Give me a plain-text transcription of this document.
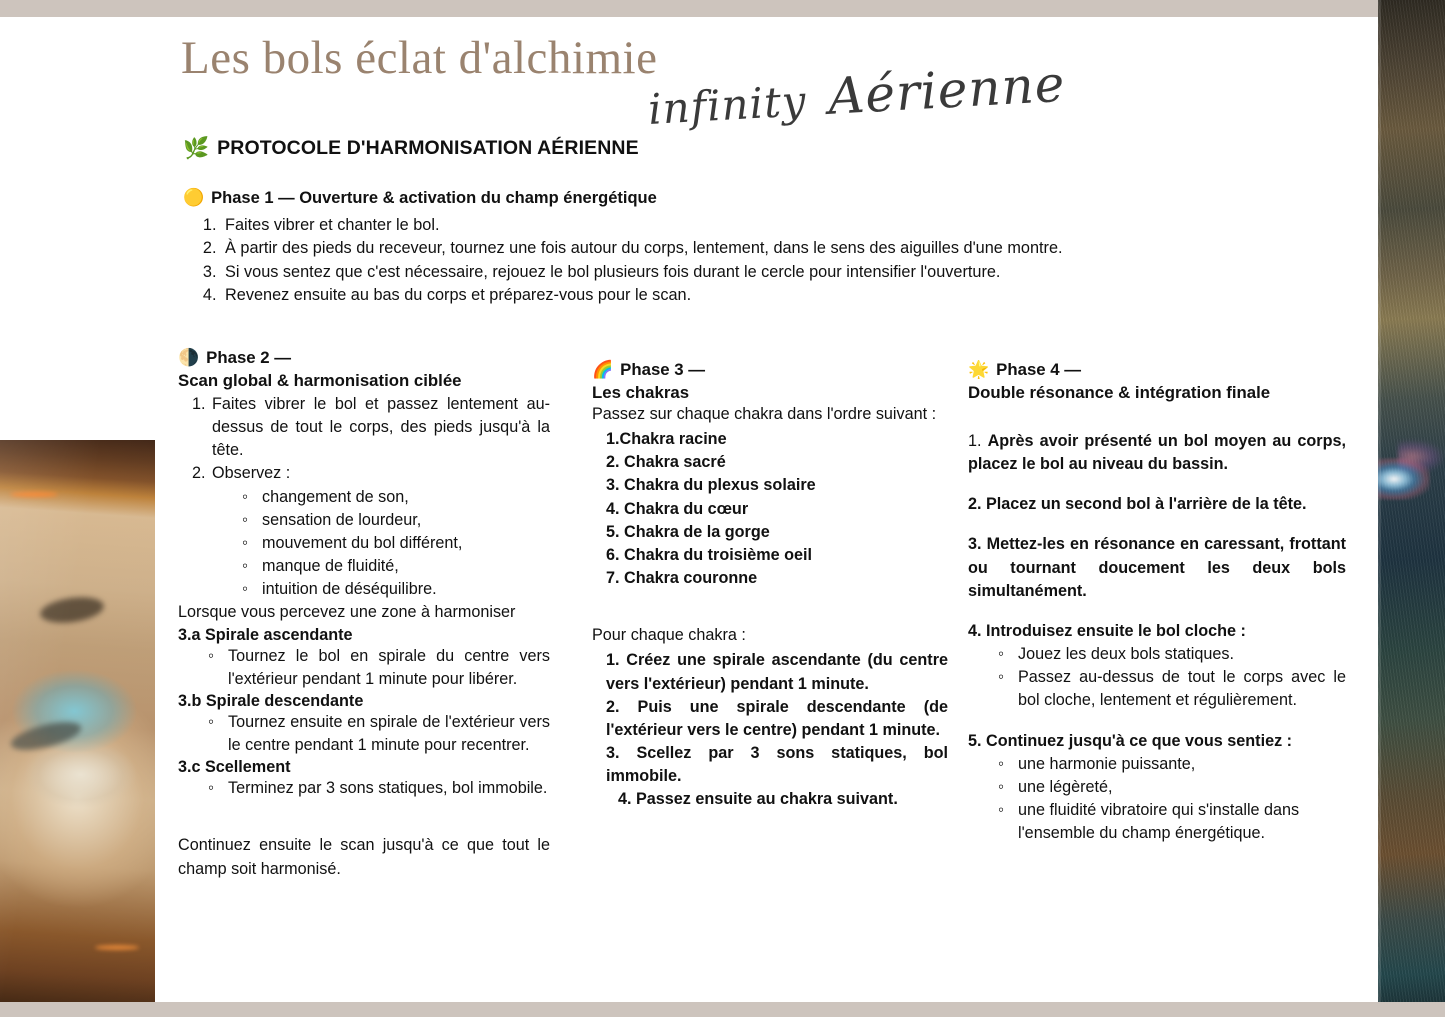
Les bols éclat d'alchimie
infinity Aérienne
🌿 PROTOCOLE D'HARMONISATION AÉRIENNE
🟡 Phase 1 — Ouverture & activation du champ énergétique
1. Faites vibrer et chanter le bol.
2. À partir des pieds du receveur, tournez une fois autour du corps, lentement, dans le sens des aiguilles d'une montre.
3. Si vous sentez que c'est nécessaire, rejouez le bol plusieurs fois durant le cercle pour intensifier l'ouverture.
4. Revenez ensuite au bas du corps et préparez-vous pour le scan.
🌗 Phase 2 —
Scan global & harmonisation ciblée
1. Faites vibrer le bol et passez lentement au-dessus de tout le corps, des pieds jusqu'à la tête.
2. Observez :
◦ changement de son,
◦ sensation de lourdeur,
◦ mouvement du bol différent,
◦ manque de fluidité,
◦ intuition de déséquilibre.
Lorsque vous percevez une zone à harmoniser
3.a Spirale ascendante
◦ Tournez le bol en spirale du centre vers l'extérieur pendant 1 minute pour libérer.
3.b Spirale descendante
◦ Tournez ensuite en spirale de l'extérieur vers le centre pendant 1 minute pour recentrer.
3.c Scellement
◦ Terminez par 3 sons statiques, bol immobile.

Continuez ensuite le scan jusqu'à ce que tout le champ soit harmonisé.

🌈 Phase 3 —
Les chakras

Passez sur chaque chakra dans l'ordre suivant :

1.Chakra racine
2. Chakra sacré
3. Chakra du plexus solaire
4. Chakra du cœur
5. Chakra de la gorge
6. Chakra du troisième oeil
7. Chakra couronne

Pour chaque chakra :

1. Créez une spirale ascendante (du centre vers l'extérieur) pendant 1 minute.

2. Puis une spirale descendante (de l'extérieur vers le centre) pendant 1 minute.

3. Scellez par 3 sons statiques, bol immobile.

4. Passez ensuite au chakra suivant.

🌟 Phase 4 —
Double résonance & intégration finale

1. Après avoir présenté un bol moyen au corps, placez le bol au niveau du bassin.

2. Placez un second bol à l'arrière de la tête.

3. Mettez-les en résonance en caressant, frottant ou tournant doucement les deux bols simultanément.

4. Introduisez ensuite le bol cloche :

◦ Jouez les deux bols statiques.
◦ Passez au-dessus de tout le corps avec le bol cloche, lentement et régulièrement.

5. Continuez jusqu'à ce que vous sentiez :

◦ une harmonie puissante,
◦ une légèreté,
◦ une fluidité vibratoire qui s'installe dans l'ensemble du champ énergétique.
